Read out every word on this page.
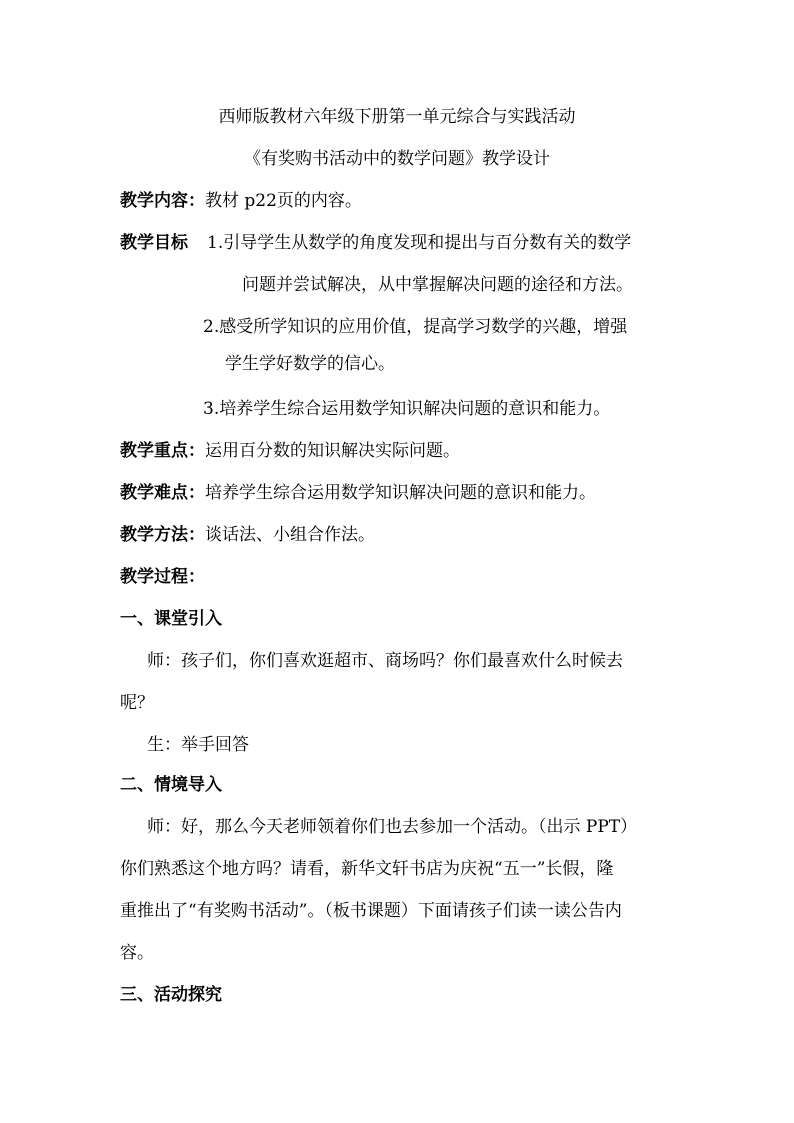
西师版教材六年级下册第一单元综合与实践活动
《有奖购书活动中的数学问题》教学设计
教学内容：教材 p22页的内容。
教学目标 1.引导学生从数学的角度发现和提出与百分数有关的数学
问题并尝试解决，从中掌握解决问题的途径和方法。
2.感受所学知识的应用价值，提高学习数学的兴趣，增强
学生学好数学的信心。
3.培养学生综合运用数学知识解决问题的意识和能力。
教学重点：运用百分数的知识解决实际问题。
教学难点：培养学生综合运用数学知识解决问题的意识和能力。
教学方法：谈话法、小组合作法。
教学过程：
一、课堂引入
师：孩子们，你们喜欢逛超市、商场吗？你们最喜欢什么时候去
呢？
生：举手回答
二、情境导入
师：好，那么今天老师领着你们也去参加一个活动。（出示 PPT）
你们熟悉这个地方吗？请看，新华文轩书店为庆祝“五一”长假，隆
重推出了“有奖购书活动”。（板书课题）下面请孩子们读一读公告内
容。
三、活动探究
